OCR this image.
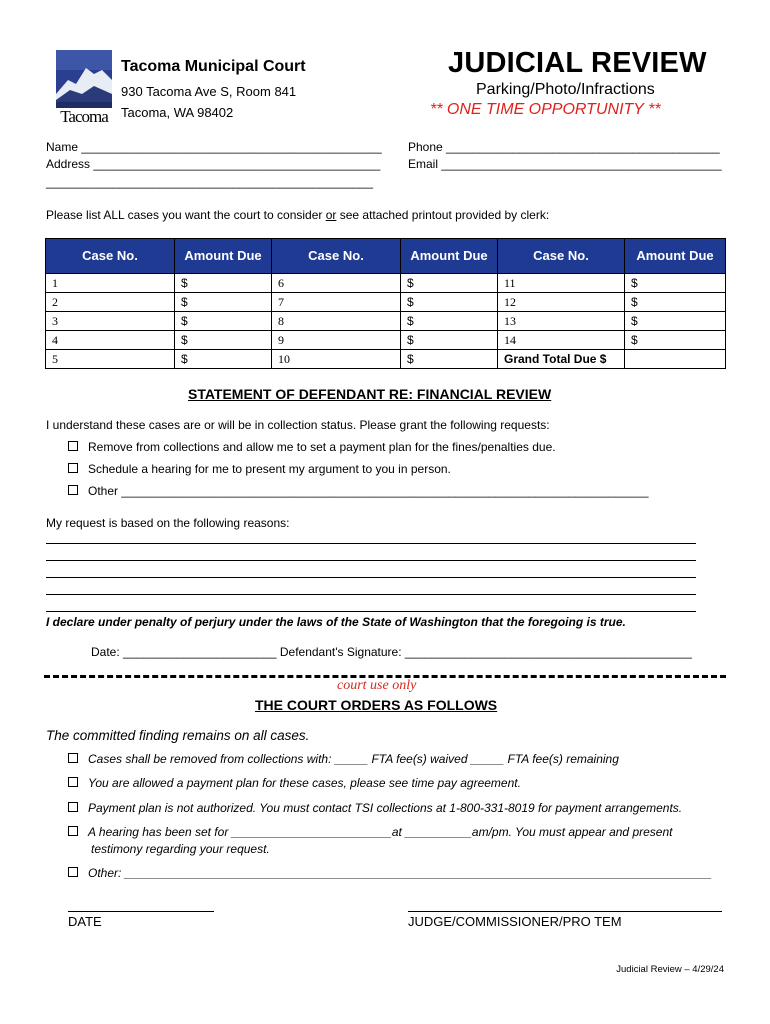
Tacoma
Tacoma Municipal Court
930 Tacoma Ave S, Room 841
Tacoma, WA 98402
JUDICIAL REVIEW
Parking/Photo/Infractions
** ONE TIME OPPORTUNITY **
Name _____________________________________________
Address ___________________________________________
_________________________________________________
Phone _________________________________________
Email __________________________________________
Please list ALL cases you want the court to consider or see attached printout provided by clerk:
Case No.	Amount Due	Case No.	Amount Due	Case No.	Amount Due
1	$	6	$	11	$
2	$	7	$	12	$
3	$	8	$	13	$
4	$	9	$	14	$
5	$	10	$	Grand Total Due $	
STATEMENT OF DEFENDANT RE: FINANCIAL REVIEW
I understand these cases are or will be in collection status. Please grant the following requests:
Remove from collections and allow me to set a payment plan for the fines/penalties due.
Schedule a hearing for me to present my argument to you in person.
Other _______________________________________________________________________________
My request is based on the following reasons:
I declare under penalty of perjury under the laws of the State of Washington that the foregoing is true.
Date: _______________________ Defendant's Signature: ___________________________________________
court use only
THE COURT ORDERS AS FOLLOWS
The committed finding remains on all cases.
Cases shall be removed from collections with: _____ FTA fee(s) waived _____ FTA fee(s) remaining
You are allowed a payment plan for these cases, please see time pay agreement.
Payment plan is not authorized. You must contact TSI collections at 1-800-331-8019 for payment arrangements.
A hearing has been set for ________________________at __________am/pm. You must appear and present
testimony regarding your request.
Other: ________________________________________________________________________________________
DATE	JUDGE/COMMISSIONER/PRO TEM
Judicial Review – 4/29/24
